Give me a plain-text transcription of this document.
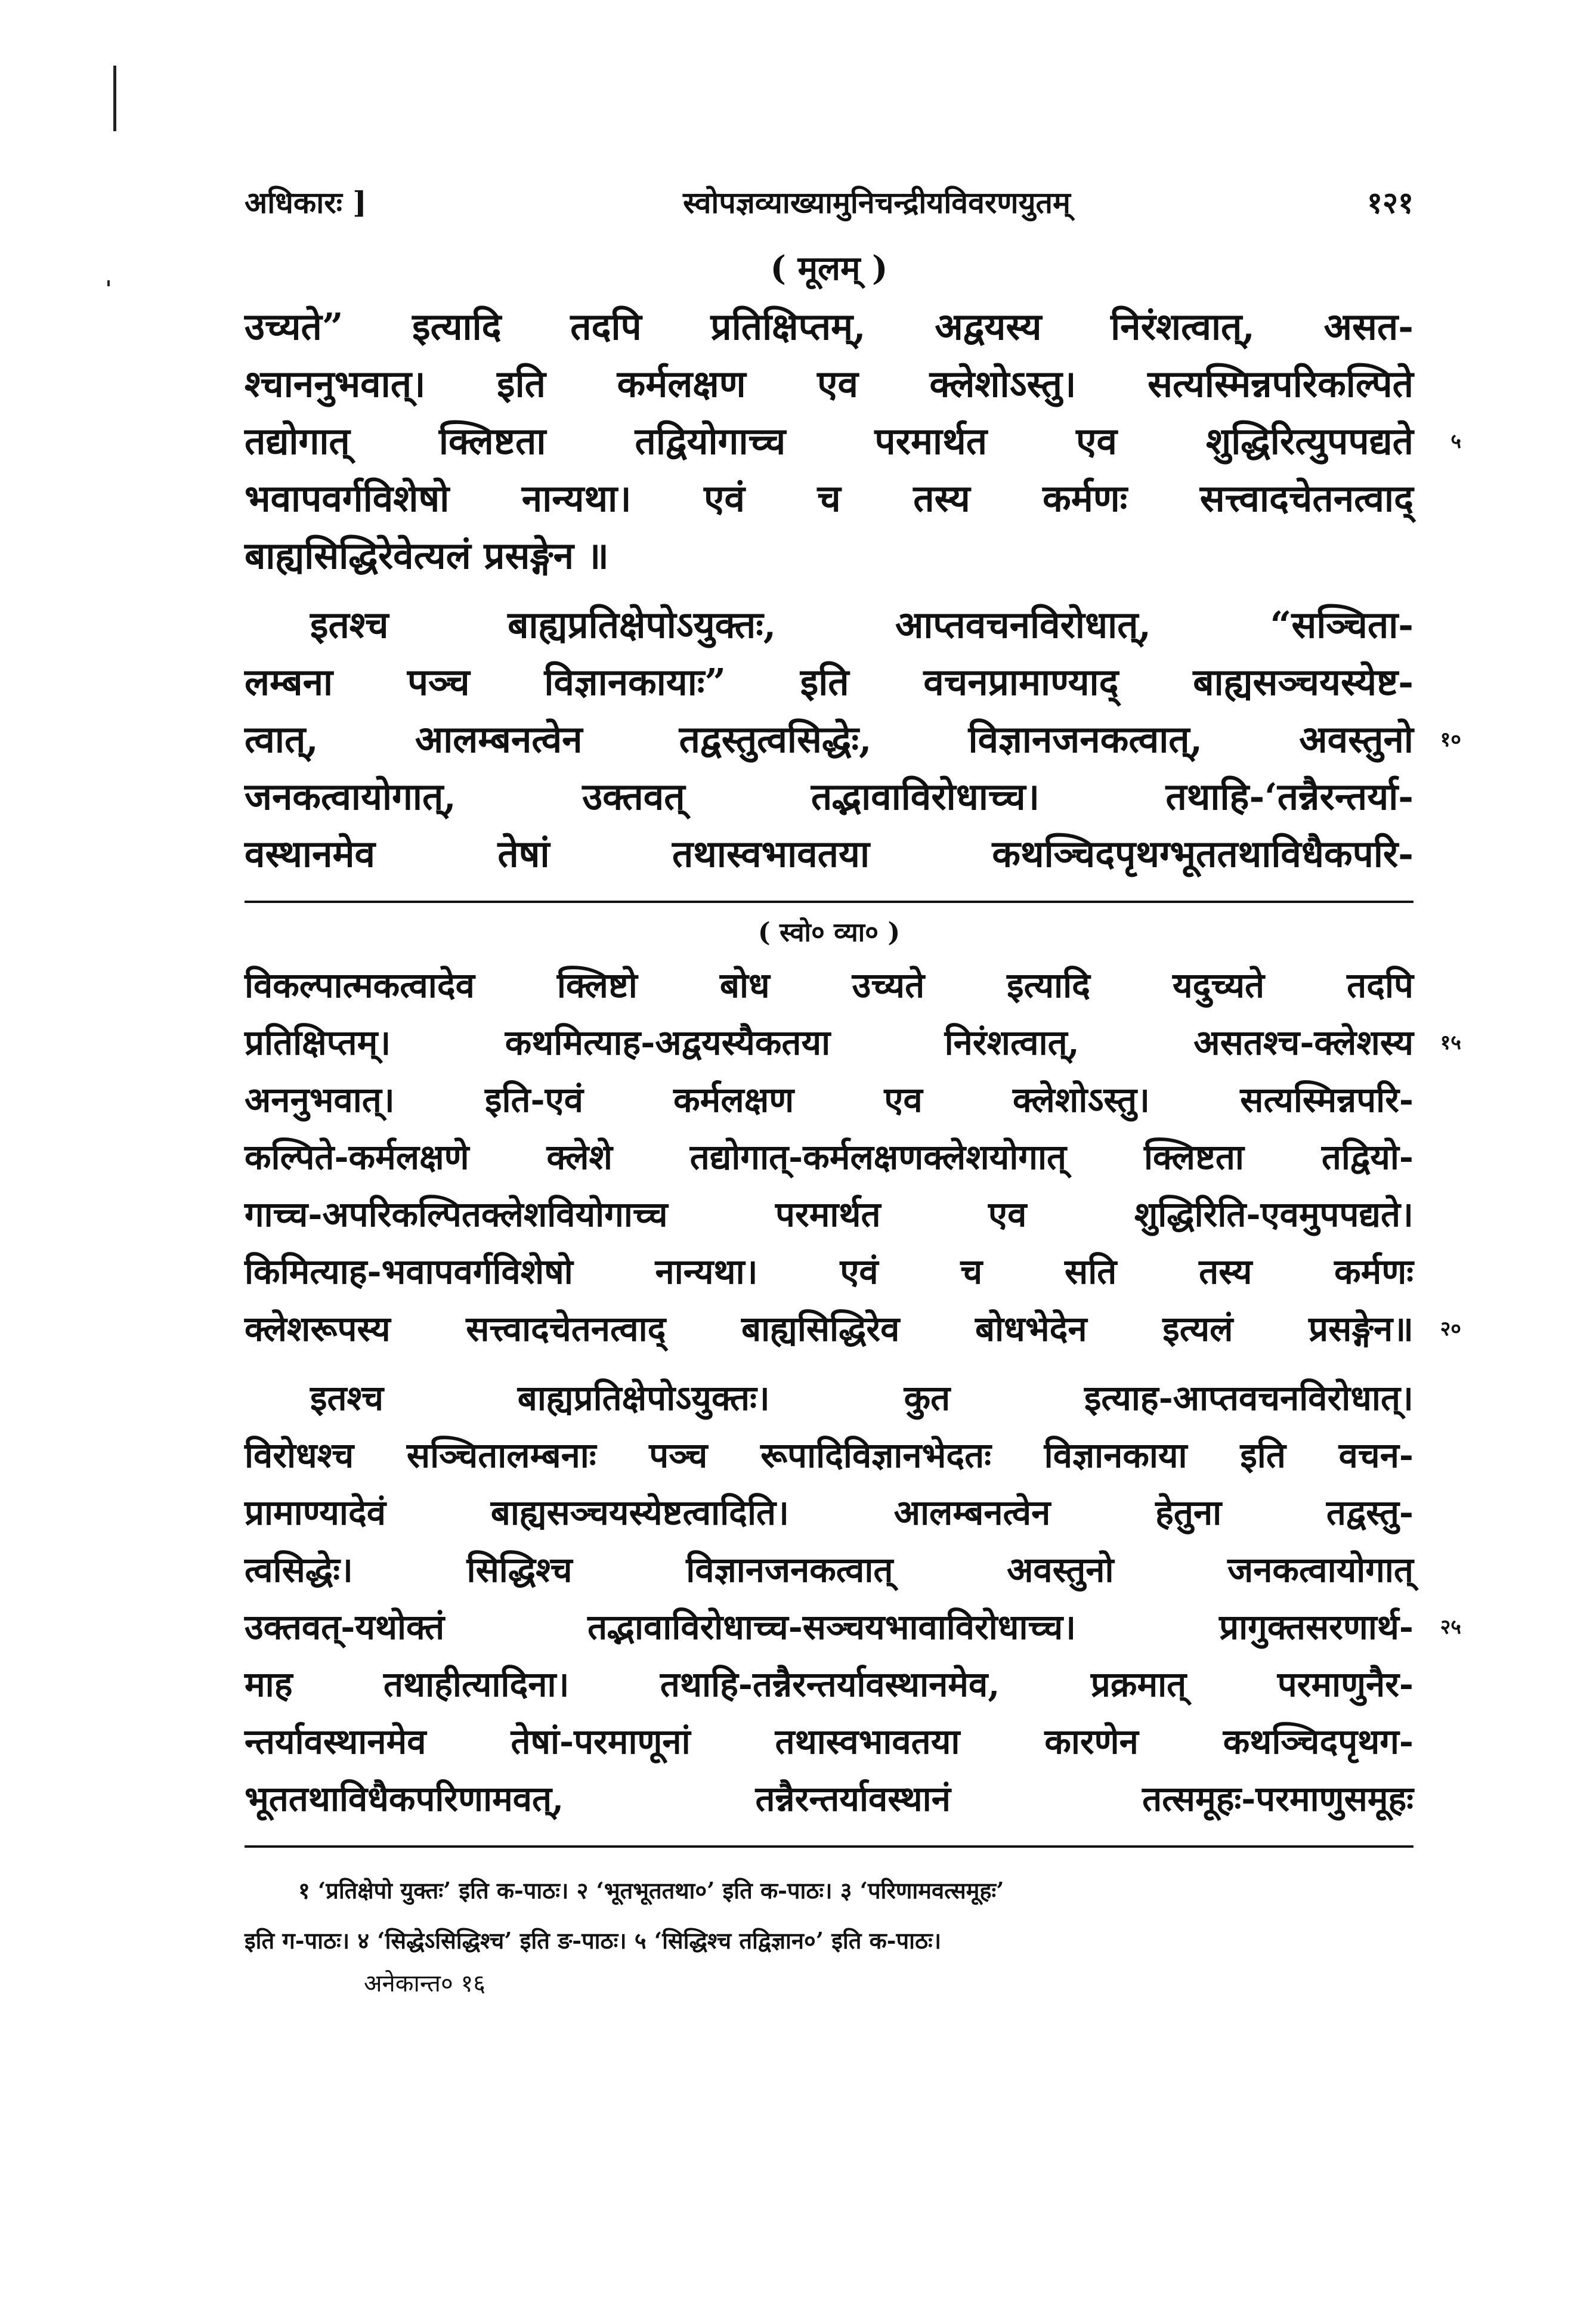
अधिकारः ]	स्वोपज्ञव्याख्यामुनिचन्द्रीयविवरणयुतम्	१२१
( मूलम् )
उच्यते” इत्यादि तदपि प्रतिक्षिप्तम्, अद्वयस्य निरंशत्वात्, असत-
श्चाननुभवात्। इति कर्मलक्षण एव क्लेशोऽस्तु। सत्यस्मिन्नपरिकल्पिते
तद्योगात् क्लिष्टता तद्वियोगाच्च परमार्थत एव शुद्धिरित्युपपद्यते ५
भवापवर्गविशेषो नान्यथा। एवं च तस्य कर्मणः सत्त्वादचेतनत्वाद्
बाह्यसिद्धिरेवेत्यलं प्रसङ्गेन ॥
इतश्च बाह्यप्रतिक्षेपोऽयुक्तः, आप्तवचनविरोधात्, “सञ्चिता-
लम्बना पञ्च विज्ञानकायाः” इति वचनप्रामाण्याद् बाह्यसञ्चयस्येष्ट-
त्वात्, आलम्बनत्वेन तद्वस्तुत्वसिद्धेः, विज्ञानजनकत्वात्, अवस्तुनो १०
जनकत्वायोगात्, उक्तवत् तद्भावाविरोधाच्च। तथाहि-‘तन्नैरन्तर्या-
वस्थानमेव तेषां तथास्वभावतया कथञ्चिदपृथग्भूततथाविधैकपरि-
( स्वो० व्या० )
विकल्पात्मकत्वादेव क्लिष्टो बोध उच्यते इत्यादि यदुच्यते तदपि
प्रतिक्षिप्तम्। कथमित्याह-अद्वयस्यैकतया निरंशत्वात्, असतश्च-क्लेशस्य १५
अननुभवात्। इति-एवं कर्मलक्षण एव क्लेशोऽस्तु। सत्यस्मिन्नपरि-
कल्पिते-कर्मलक्षणे क्लेशे तद्योगात्-कर्मलक्षणक्लेशयोगात् क्लिष्टता तद्वियो-
गाच्च-अपरिकल्पितक्लेशवियोगाच्च परमार्थत एव शुद्धिरिति-एवमुपपद्यते।
किमित्याह-भवापवर्गविशेषो नान्यथा। एवं च सति तस्य कर्मणः
क्लेशरूपस्य सत्त्वादचेतनत्वाद् बाह्यसिद्धिरेव बोधभेदेन इत्यलं प्रसङ्गेन॥ २०
इतश्च बाह्यप्रतिक्षेपोऽयुक्तः। कुत इत्याह-आप्तवचनविरोधात्।
विरोधश्च सञ्चितालम्बनाः पञ्च रूपादिविज्ञानभेदतः विज्ञानकाया इति वचन-
प्रामाण्यादेवं बाह्यसञ्चयस्येष्टत्वादिति। आलम्बनत्वेन हेतुना तद्वस्तु-
त्वसिद्धेः। सिद्धिश्च विज्ञानजनकत्वात् अवस्तुनो जनकत्वायोगात्
उक्तवत्-यथोक्तं तद्भावाविरोधाच्च-सञ्चयभावाविरोधाच्च। प्रागुक्तसरणार्थ- २५
माह तथाहीत्यादिना। तथाहि-तन्नैरन्तर्यावस्थानमेव, प्रक्रमात् परमाणुनैर-
न्तर्यावस्थानमेव तेषां-परमाणूनां तथास्वभावतया कारणेन कथञ्चिदपृथग-
भूततथाविधैकपरिणामवत्, तन्नैरन्तर्यावस्थानं तत्समूहः-परमाणुसमूहः
१ ‘प्रतिक्षेपो युक्तः’ इति क-पाठः। २ ‘भूतभूततथा०’ इति क-पाठः। ३ ‘परिणामवत्समूहः’
इति ग-पाठः। ४ ‘सिद्धेऽसिद्धिश्च’ इति ङ-पाठः। ५ ‘सिद्धिश्च तद्विज्ञान०’ इति क-पाठः।
अनेकान्त० १६
